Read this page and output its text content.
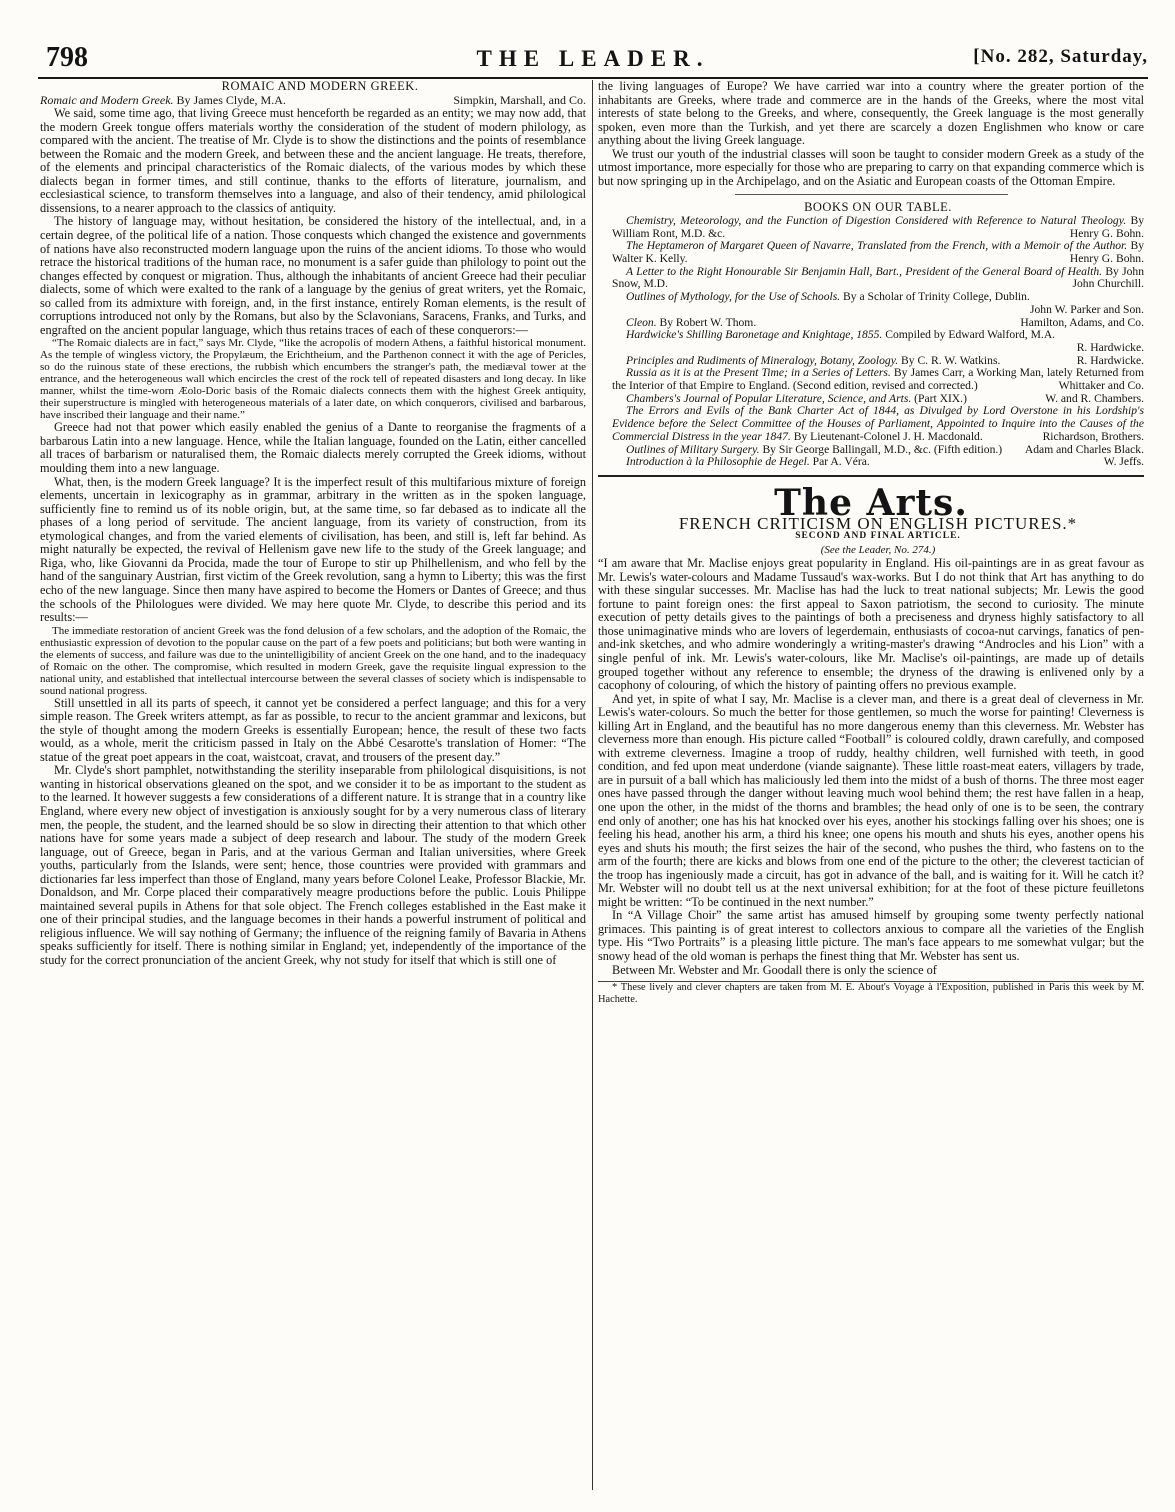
798	THE LEADER.	[No. 282, Saturday,

ROMAIC AND MODERN GREEK.

Romaic and Modern Greek. By James Clyde, M.A.	Simpkin, Marshall, and Co.

We said, some time ago, that living Greece must henceforth be regarded as an entity; we may now add, that the modern Greek tongue offers materials worthy the consideration of the student of modern philology, as compared with the ancient. The treatise of Mr. Clyde is to show the distinctions and the points of resemblance between the Romaic and the modern Greek, and between these and the ancient language. He treats, therefore, of the elements and principal characteristics of the Romaic dialects, of the various modes by which these dialects began in former times, and still continue, thanks to the efforts of literature, journalism, and ecclesiastical science, to transform themselves into a language, and also of their tendency, amid philological dissensions, to a nearer approach to the classics of antiquity.

The history of language may, without hesitation, be considered the history of the intellectual, and, in a certain degree, of the political life of a nation. Those conquests which changed the existence and governments of nations have also reconstructed modern language upon the ruins of the ancient idioms. To those who would retrace the historical traditions of the human race, no monument is a safer guide than philology to point out the changes effected by conquest or migration. Thus, although the inhabitants of ancient Greece had their peculiar dialects, some of which were exalted to the rank of a language by the genius of great writers, yet the Romaic, so called from its admixture with foreign, and, in the first instance, entirely Roman elements, is the result of corruptions introduced not only by the Romans, but also by the Sclavonians, Saracens, Franks, and Turks, and engrafted on the ancient popular language, which thus retains traces of each of these conquerors:—

“The Romaic dialects are in fact,” says Mr. Clyde, “like the acropolis of modern Athens, a faithful historical monument. As the temple of wingless victory, the Propylæum, the Erichtheium, and the Parthenon connect it with the age of Pericles, so do the ruinous state of these erections, the rubbish which encumbers the stranger's path, the mediæval tower at the entrance, and the heterogeneous wall which encircles the crest of the rock tell of repeated disasters and long decay. In like manner, whilst the time-worn Æolo-Doric basis of the Romaic dialects connects them with the highest Greek antiquity, their superstructure is mingled with heterogeneous materials of a later date, on which conquerors, civilised and barbarous, have inscribed their language and their name.”

Greece had not that power which easily enabled the genius of a Dante to reorganise the fragments of a barbarous Latin into a new language. Hence, while the Italian language, founded on the Latin, either cancelled all traces of barbarism or naturalised them, the Romaic dialects merely corrupted the Greek idioms, without moulding them into a new language.

What, then, is the modern Greek language? It is the imperfect result of this multifarious mixture of foreign elements, uncertain in lexicography as in grammar, arbitrary in the written as in the spoken language, sufficiently fine to remind us of its noble origin, but, at the same time, so far debased as to indicate all the phases of a long period of servitude. The ancient language, from its variety of construction, from its etymological changes, and from the varied elements of civilisation, has been, and still is, left far behind. As might naturally be expected, the revival of Hellenism gave new life to the study of the Greek language; and Riga, who, like Giovanni da Procida, made the tour of Europe to stir up Philhellenism, and who fell by the hand of the sanguinary Austrian, first victim of the Greek revolution, sang a hymn to Liberty; this was the first echo of the new language. Since then many have aspired to become the Homers or Dantes of Greece; and thus the schools of the Philologues were divided. We may here quote Mr. Clyde, to describe this period and its results:—

The immediate restoration of ancient Greek was the fond delusion of a few scholars, and the adoption of the Romaic, the enthusiastic expression of devotion to the popular cause on the part of a few poets and politicians; but both were wanting in the elements of success, and failure was due to the unintelligibility of ancient Greek on the one hand, and to the inadequacy of Romaic on the other. The compromise, which resulted in modern Greek, gave the requisite lingual expression to the national unity, and established that intellectual intercourse between the several classes of society which is indispensable to sound national progress.

Still unsettled in all its parts of speech, it cannot yet be considered a perfect language; and this for a very simple reason. The Greek writers attempt, as far as possible, to recur to the ancient grammar and lexicons, but the style of thought among the modern Greeks is essentially European; hence, the result of these two facts would, as a whole, merit the criticism passed in Italy on the Abbé Cesarotte's translation of Homer: “The statue of the great poet appears in the coat, waistcoat, cravat, and trousers of the present day.”

Mr. Clyde's short pamphlet, notwithstanding the sterility inseparable from philological disquisitions, is not wanting in historical observations gleaned on the spot, and we consider it to be as important to the student as to the learned. It however suggests a few considerations of a different nature. It is strange that in a country like England, where every new object of investigation is anxiously sought for by a very numerous class of literary men, the people, the student, and the learned should be so slow in directing their attention to that which other nations have for some years made a subject of deep research and labour. The study of the modern Greek language, out of Greece, began in Paris, and at the various German and Italian universities, where Greek youths, particularly from the Islands, were sent; hence, those countries were provided with grammars and dictionaries far less imperfect than those of England, many years before Colonel Leake, Professor Blackie, Mr. Donaldson, and Mr. Corpe placed their comparatively meagre productions before the public. Louis Philippe maintained several pupils in Athens for that sole object. The French colleges established in the East make it one of their principal studies, and the language becomes in their hands a powerful instrument of political and religious influence. We will say nothing of Germany; the influence of the reigning family of Bavaria in Athens speaks sufficiently for itself. There is nothing similar in England; yet, independently of the importance of the study for the correct pronunciation of the ancient Greek, why not study for itself that which is still one of

the living languages of Europe? We have carried war into a country where the greater portion of the inhabitants are Greeks, where trade and commerce are in the hands of the Greeks, where the most vital interests of state belong to the Greeks, and where, consequently, the Greek language is the most generally spoken, even more than the Turkish, and yet there are scarcely a dozen Englishmen who know or care anything about the living Greek language.

We trust our youth of the industrial classes will soon be taught to consider modern Greek as a study of the utmost importance, more especially for those who are preparing to carry on that expanding commerce which is but now springing up in the Archipelago, and on the Asiatic and European coasts of the Ottoman Empire.

BOOKS ON OUR TABLE.

Chemistry, Meteorology, and the Function of Digestion Considered with Reference to Natural Theology. By William Ront, M.D. &c.	Henry G. Bohn.

The Heptameron of Margaret Queen of Navarre, Translated from the French, with a Memoir of the Author. By Walter K. Kelly.	Henry G. Bohn.

A Letter to the Right Honourable Sir Benjamin Hall, Bart., President of the General Board of Health. By John Snow, M.D.	John Churchill.

Outlines of Mythology, for the Use of Schools. By a Scholar of Trinity College, Dublin.
John W. Parker and Son.

Cleon. By Robert W. Thom.	Hamilton, Adams, and Co.

Hardwicke's Shilling Baronetage and Knightage, 1855. Compiled by Edward Walford, M.A.
R. Hardwicke.

Principles and Rudiments of Mineralogy, Botany, Zoology. By C. R. W. Watkins.	R. Hardwicke.

Russia as it is at the Present Time; in a Series of Letters. By James Carr, a Working Man, lately Returned from the Interior of that Empire to England. (Second edition, revised and corrected.)	Whittaker and Co.

Chambers's Journal of Popular Literature, Science, and Arts. (Part XIX.)	W. and R. Chambers.

The Errors and Evils of the Bank Charter Act of 1844, as Divulged by Lord Overstone in his Lordship's Evidence before the Select Committee of the Houses of Parliament, Appointed to Inquire into the Causes of the Commercial Distress in the year 1847. By Lieutenant-Colonel J. H. Macdonald.	Richardson, Brothers.

Outlines of Military Surgery. By Sir George Ballingall, M.D., &c. (Fifth edition.)	Adam and Charles Black.

Introduction à la Philosophie de Hegel. Par A. Véra.	W. Jeffs.

The Arts.

FRENCH CRITICISM ON ENGLISH PICTURES.*

SECOND AND FINAL ARTICLE.

(See the Leader, No. 274.)

“I am aware that Mr. Maclise enjoys great popularity in England. His oil-paintings are in as great favour as Mr. Lewis's water-colours and Madame Tussaud's wax-works. But I do not think that Art has anything to do with these singular successes. Mr. Maclise has had the luck to treat national subjects; Mr. Lewis the good fortune to paint foreign ones: the first appeal to Saxon patriotism, the second to curiosity. The minute execution of petty details gives to the paintings of both a preciseness and dryness highly satisfactory to all those unimaginative minds who are lovers of legerdemain, enthusiasts of cocoa-nut carvings, fanatics of pen-and-ink sketches, and who admire wonderingly a writing-master's drawing “Androcles and his Lion” with a single penful of ink. Mr. Lewis's water-colours, like Mr. Maclise's oil-paintings, are made up of details grouped together without any reference to ensemble; the dryness of the drawing is enlivened only by a cacophony of colouring, of which the history of painting offers no previous example.

And yet, in spite of what I say, Mr. Maclise is a clever man, and there is a great deal of cleverness in Mr. Lewis's water-colours. So much the better for those gentlemen, so much the worse for painting! Cleverness is killing Art in England, and the beautiful has no more dangerous enemy than this cleverness. Mr. Webster has cleverness more than enough. His picture called “Football” is coloured coldly, drawn carefully, and composed with extreme cleverness. Imagine a troop of ruddy, healthy children, well furnished with teeth, in good condition, and fed upon meat underdone (viande saignante). These little roast-meat eaters, villagers by trade, are in pursuit of a ball which has maliciously led them into the midst of a bush of thorns. The three most eager ones have passed through the danger without leaving much wool behind them; the rest have fallen in a heap, one upon the other, in the midst of the thorns and brambles; the head only of one is to be seen, the contrary end only of another; one has his hat knocked over his eyes, another his stockings falling over his shoes; one is feeling his head, another his arm, a third his knee; one opens his mouth and shuts his eyes, another opens his eyes and shuts his mouth; the first seizes the hair of the second, who pushes the third, who fastens on to the arm of the fourth; there are kicks and blows from one end of the picture to the other; the cleverest tactician of the troop has ingeniously made a circuit, has got in advance of the ball, and is waiting for it. Will he catch it? Mr. Webster will no doubt tell us at the next universal exhibition; for at the foot of these picture feuilletons might be written: “To be continued in the next number.”

In “A Village Choir” the same artist has amused himself by grouping some twenty perfectly national grimaces. This painting is of great interest to collectors anxious to compare all the varieties of the English type. His “Two Portraits” is a pleasing little picture. The man's face appears to me somewhat vulgar; but the snowy head of the old woman is perhaps the finest thing that Mr. Webster has sent us.

Between Mr. Webster and Mr. Goodall there is only the science of

* These lively and clever chapters are taken from M. E. About's Voyage à l'Exposition, published in Paris this week by M. Hachette.
